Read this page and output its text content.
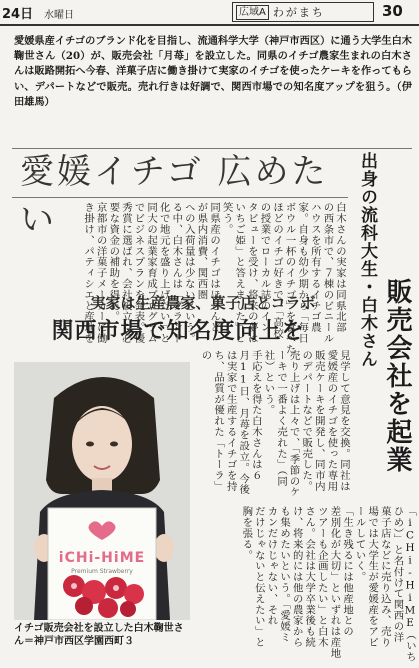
24日 水曜日	広域A わがまち	30
愛媛県産イチゴのブランド化を目指し、流通科学大学（神戸市西区）に通う大学生白木鞠世さん（20）が、販売会社「月苺」を設立した。同県のイチゴ農家生まれの白木さんは販路開拓へ今春、洋菓子店に働き掛けて実家のイチゴを使ったケーキを作ってもらい、デパートなどで販売。売れ行きは好調で、関西市場での知名度アップを狙う。（伊田雄馬）
愛媛イチゴ 広めたい	出身の流科大生・白木さん
販売会社を起業
白木さんの実家は同県北部
の西条市で、７棟のビニール
ハウスを所有するイチゴ農
家。自身も幼少期から「毎日
ボウル一杯のイチゴ」を食べた
ほどのイチゴ好きで、「高校
の授業でローカル誌のイン
タビューを受け、将来の夢は
いちご姫」と答えました」と
笑う。
同県産のイチゴはほとんど
が県内消費、関西圏
への入荷量は少ないという。
る中、白木さんは「ブランド
化で地元を盛り上げたい」と
同大の起業家育成プログラム
でビジネスプランを発表。優
秀賞に選ばれ、会社設立に必
要な資金の補助を得た。
京都市の洋菓子メーカーに働
き掛け、パティシエと産地を
実家は生産農家、菓子店とコラボ
関西市場で知名度向上を
見学して意見を交換。同社は
愛媛産のイチゴを使った専用
販売ケーキを開発し、同市内
のデパートなどで販売した。
売り上げは上々で、「季節のケ
ーキで一番よく売れた」（同
社）という。
手応えを得た白木さんは６
月11日、月苺を設立。今後
は実家で生産するイチゴを持
ち、品質が優れた「トーラ」
の
「iCHi-HiME（いち
ひめ）」と名付けて関西の洋
菓子店などに売り込み、売り
場では大学生が愛媛産をアピ
ールしていく。
「生き残るには他産地との
差別化が大切」といずれは産地
ツアーも企画したい」と白木
さん。会社は大学卒業後も続
け、将来的には他の農家から
も集めたいという。「愛媛ミ
カンだけじゃない、それ
だけじゃないと伝えたい」と
胸を張る。
iCHi-HiME
Premium Strawberry
イチゴ販売会社を設立した白木鞠世さん＝神戸市西区学園西町３
